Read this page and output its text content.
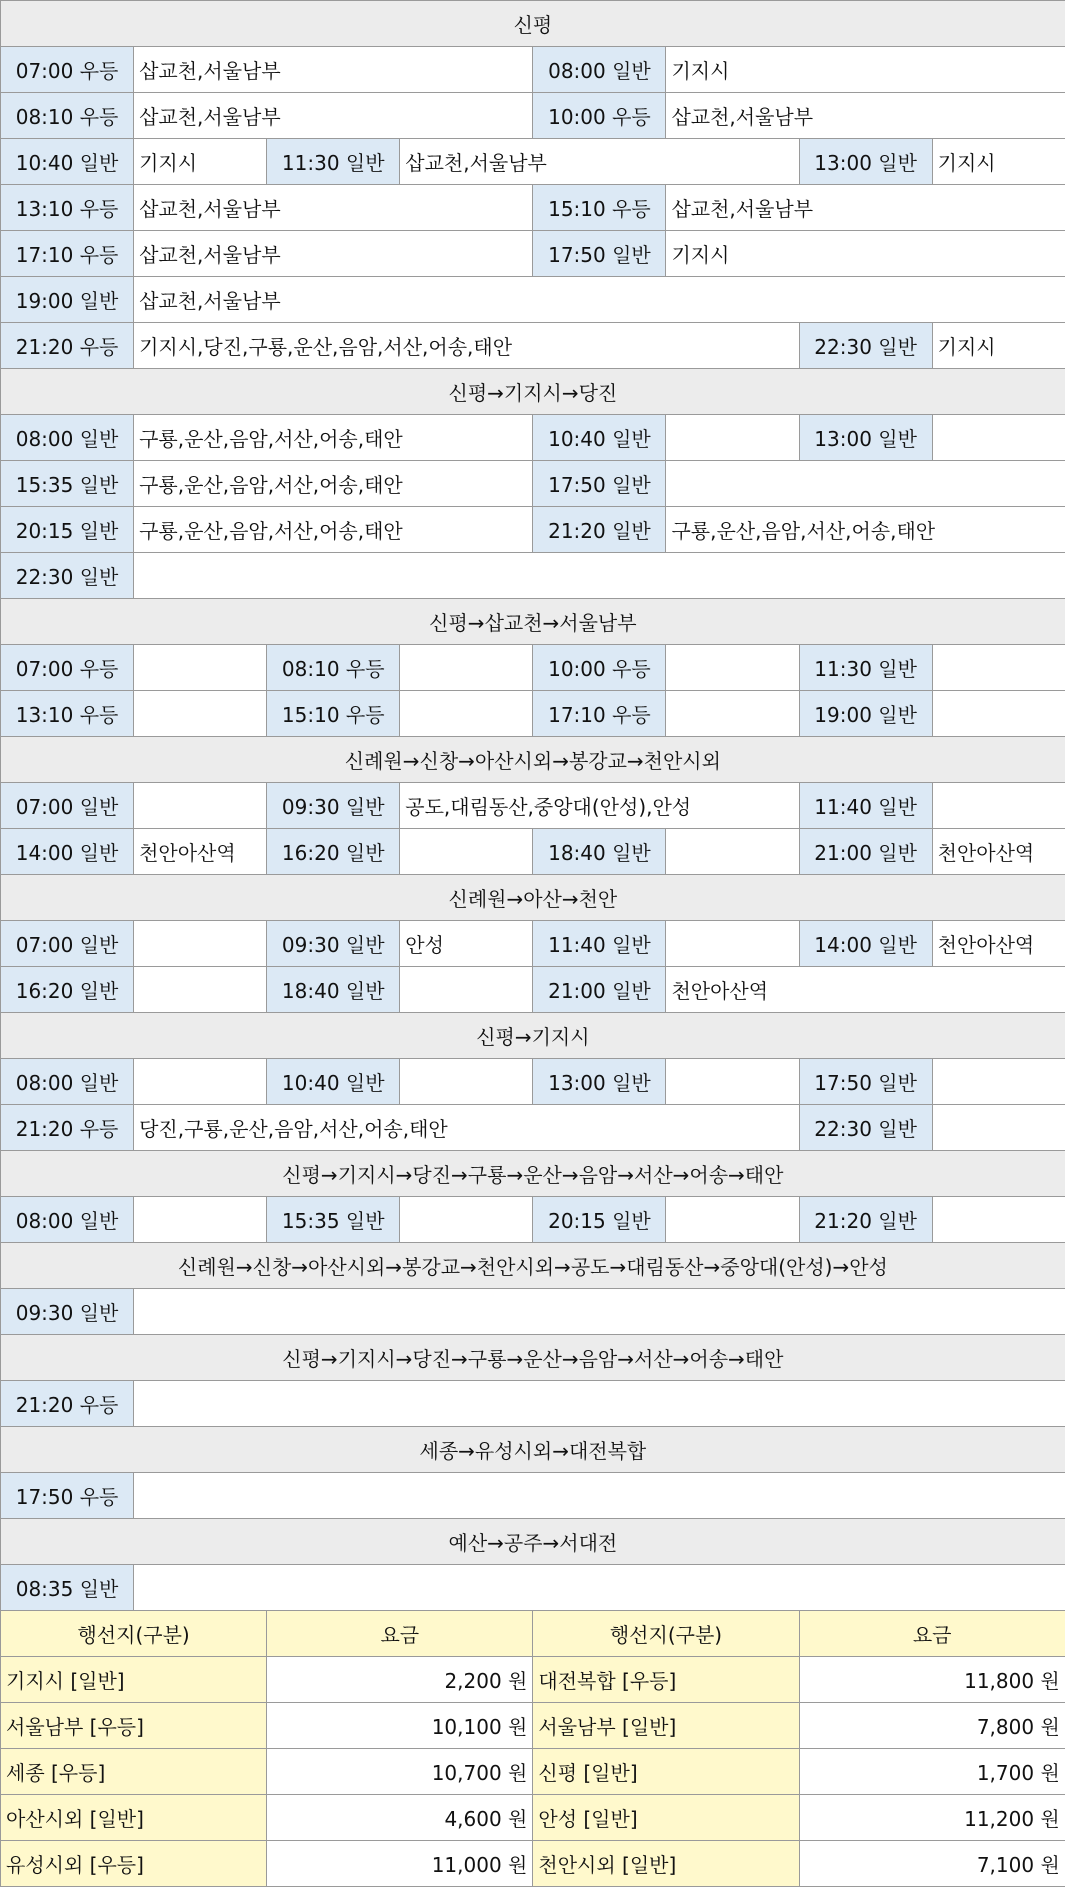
신평							
07:00 우등	삽교천,서울남부			08:00 일반	기지시		
08:10 우등	삽교천,서울남부			10:00 우등	삽교천,서울남부		
10:40 일반	기지시	11:30 일반	삽교천,서울남부			13:00 일반	기지시
13:10 우등	삽교천,서울남부			15:10 우등	삽교천,서울남부		
17:10 우등	삽교천,서울남부			17:50 일반	기지시		
19:00 일반	삽교천,서울남부						
21:20 우등	기지시,당진,구룡,운산,음암,서산,어송,태안					22:30 일반	기지시
신평→기지시→당진							
08:00 일반	구룡,운산,음암,서산,어송,태안			10:40 일반		13:00 일반	
15:35 일반	구룡,운산,음암,서산,어송,태안			17:50 일반			
20:15 일반	구룡,운산,음암,서산,어송,태안			21:20 일반	구룡,운산,음암,서산,어송,태안		
22:30 일반							
신평→삽교천→서울남부							
07:00 우등		08:10 우등		10:00 우등		11:30 일반	
13:10 우등		15:10 우등		17:10 우등		19:00 일반	
신례원→신창→아산시외→봉강교→천안시외							
07:00 일반		09:30 일반	공도,대림동산,중앙대(안성),안성			11:40 일반	
14:00 일반	천안아산역	16:20 일반		18:40 일반		21:00 일반	천안아산역
신례원→아산→천안							
07:00 일반		09:30 일반	안성	11:40 일반		14:00 일반	천안아산역
16:20 일반		18:40 일반		21:00 일반	천안아산역		
신평→기지시							
08:00 일반		10:40 일반		13:00 일반		17:50 일반	
21:20 우등	당진,구룡,운산,음암,서산,어송,태안					22:30 일반	
신평→기지시→당진→구룡→운산→음암→서산→어송→태안							
08:00 일반		15:35 일반		20:15 일반		21:20 일반	
신례원→신창→아산시외→봉강교→천안시외→공도→대림동산→중앙대(안성)→안성							
09:30 일반							
신평→기지시→당진→구룡→운산→음암→서산→어송→태안							
21:20 우등							
세종→유성시외→대전복합							
17:50 우등							
예산→공주→서대전							
08:35 일반							
행선지(구분)		요금		행선지(구분)		요금	
기지시 [일반]		2,200 원		대전복합 [우등]		11,800 원	
서울남부 [우등]		10,100 원		서울남부 [일반]		7,800 원	
세종 [우등]		10,700 원		신평 [일반]		1,700 원	
아산시외 [일반]		4,600 원		안성 [일반]		11,200 원	
유성시외 [우등]		11,000 원		천안시외 [일반]		7,100 원	
